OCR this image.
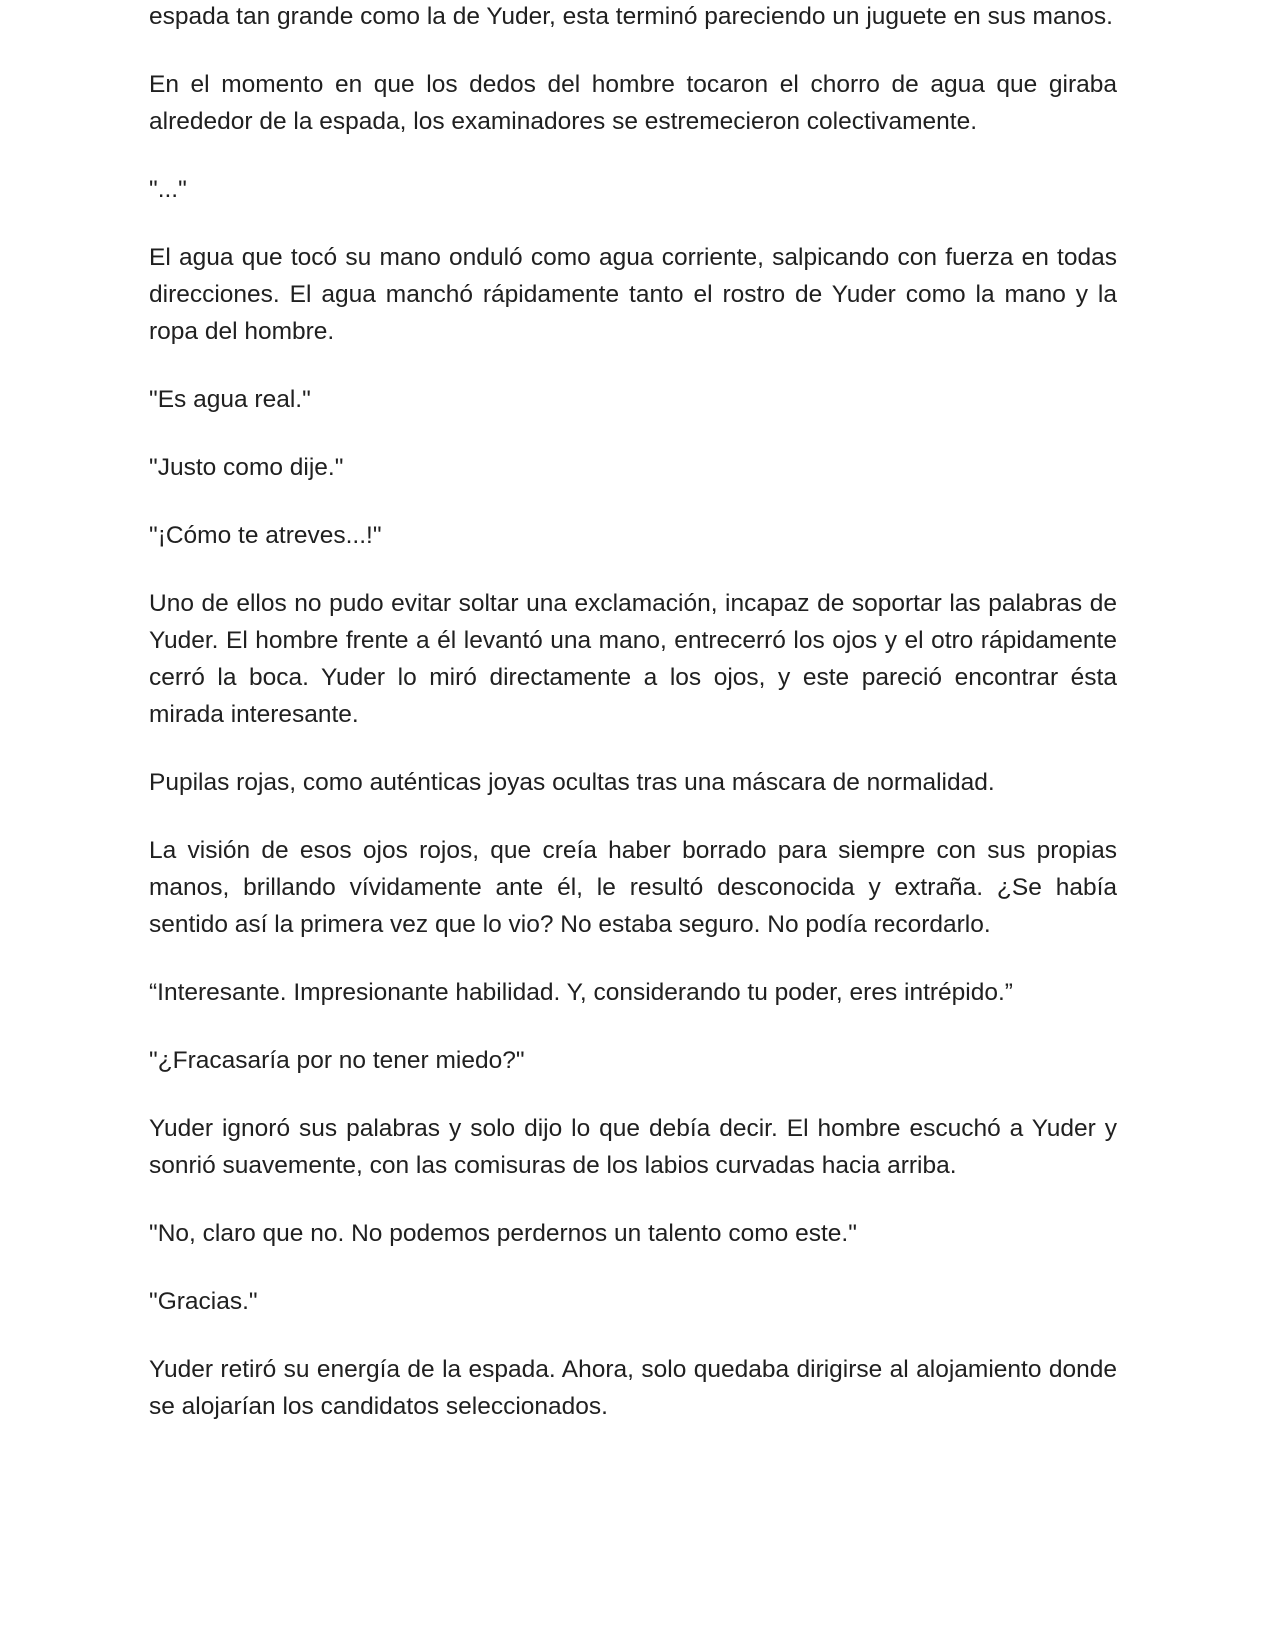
espada tan grande como la de Yuder, esta terminó pareciendo un juguete en sus manos.

En el momento en que los dedos del hombre tocaron el chorro de agua que giraba alrededor de la espada, los examinadores se estremecieron colectivamente.

"..."

El agua que tocó su mano onduló como agua corriente, salpicando con fuerza en todas direcciones. El agua manchó rápidamente tanto el rostro de Yuder como la mano y la ropa del hombre.

"Es agua real."

"Justo como dije."

"¡Cómo te atreves...!"

Uno de ellos no pudo evitar soltar una exclamación, incapaz de soportar las palabras de Yuder. El hombre frente a él levantó una mano, entrecerró los ojos y el otro rápidamente cerró la boca. Yuder lo miró directamente a los ojos, y este pareció encontrar ésta mirada interesante.

Pupilas rojas, como auténticas joyas ocultas tras una máscara de normalidad.

La visión de esos ojos rojos, que creía haber borrado para siempre con sus propias manos, brillando vívidamente ante él, le resultó desconocida y extraña. ¿Se había sentido así la primera vez que lo vio? No estaba seguro. No podía recordarlo.

“Interesante. Impresionante habilidad. Y, considerando tu poder, eres intrépido.”

"¿Fracasaría por no tener miedo?"

Yuder ignoró sus palabras y solo dijo lo que debía decir. El hombre escuchó a Yuder y sonrió suavemente, con las comisuras de los labios curvadas hacia arriba.

"No, claro que no. No podemos perdernos un talento como este."

"Gracias."

Yuder retiró su energía de la espada. Ahora, solo quedaba dirigirse al alojamiento donde se alojarían los candidatos seleccionados.
